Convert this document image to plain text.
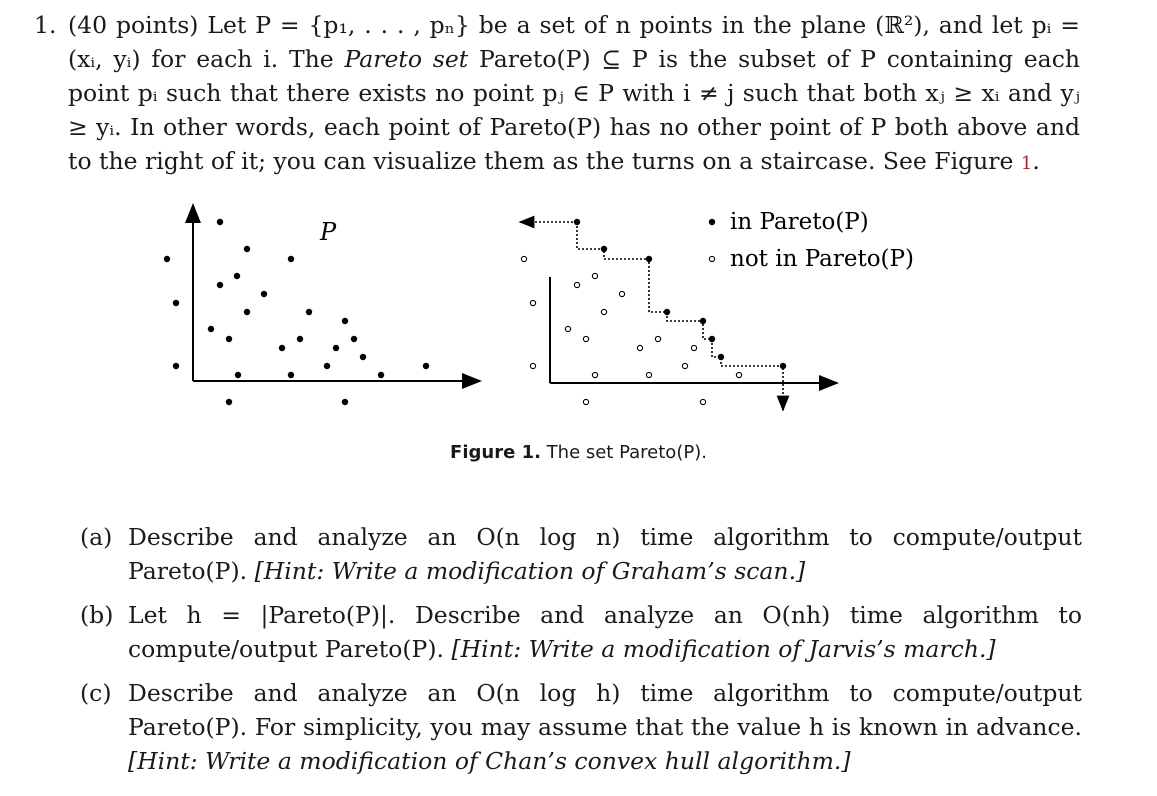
1. (40 points) Let P = {p₁, . . . , pₙ} be a set of n points in the plane (ℝ²), and let pᵢ = (xᵢ, yᵢ) for each i. The Pareto set Pareto(P) ⊆ P is the subset of P containing each point pᵢ such that there exists no point pⱼ ∈ P with i ≠ j such that both xⱼ ≥ xᵢ and yⱼ ≥ yᵢ. In other words, each point of Pareto(P) has no other point of P both above and to the right of it; you can visualize them as the turns on a staircase. See Figure 1.
P	in Pareto(P)
not in Pareto(P)
Figure 1. The set Pareto(P).
(a) Describe and analyze an O(n log n) time algorithm to compute/output Pareto(P). [Hint: Write a modification of Graham’s scan.]
(b) Let h = |Pareto(P)|. Describe and analyze an O(nh) time algorithm to compute/output Pareto(P). [Hint: Write a modification of Jarvis’s march.]
(c) Describe and analyze an O(n log h) time algorithm to compute/output Pareto(P). For simplicity, you may assume that the value h is known in advance. [Hint: Write a modification of Chan’s convex hull algorithm.]
